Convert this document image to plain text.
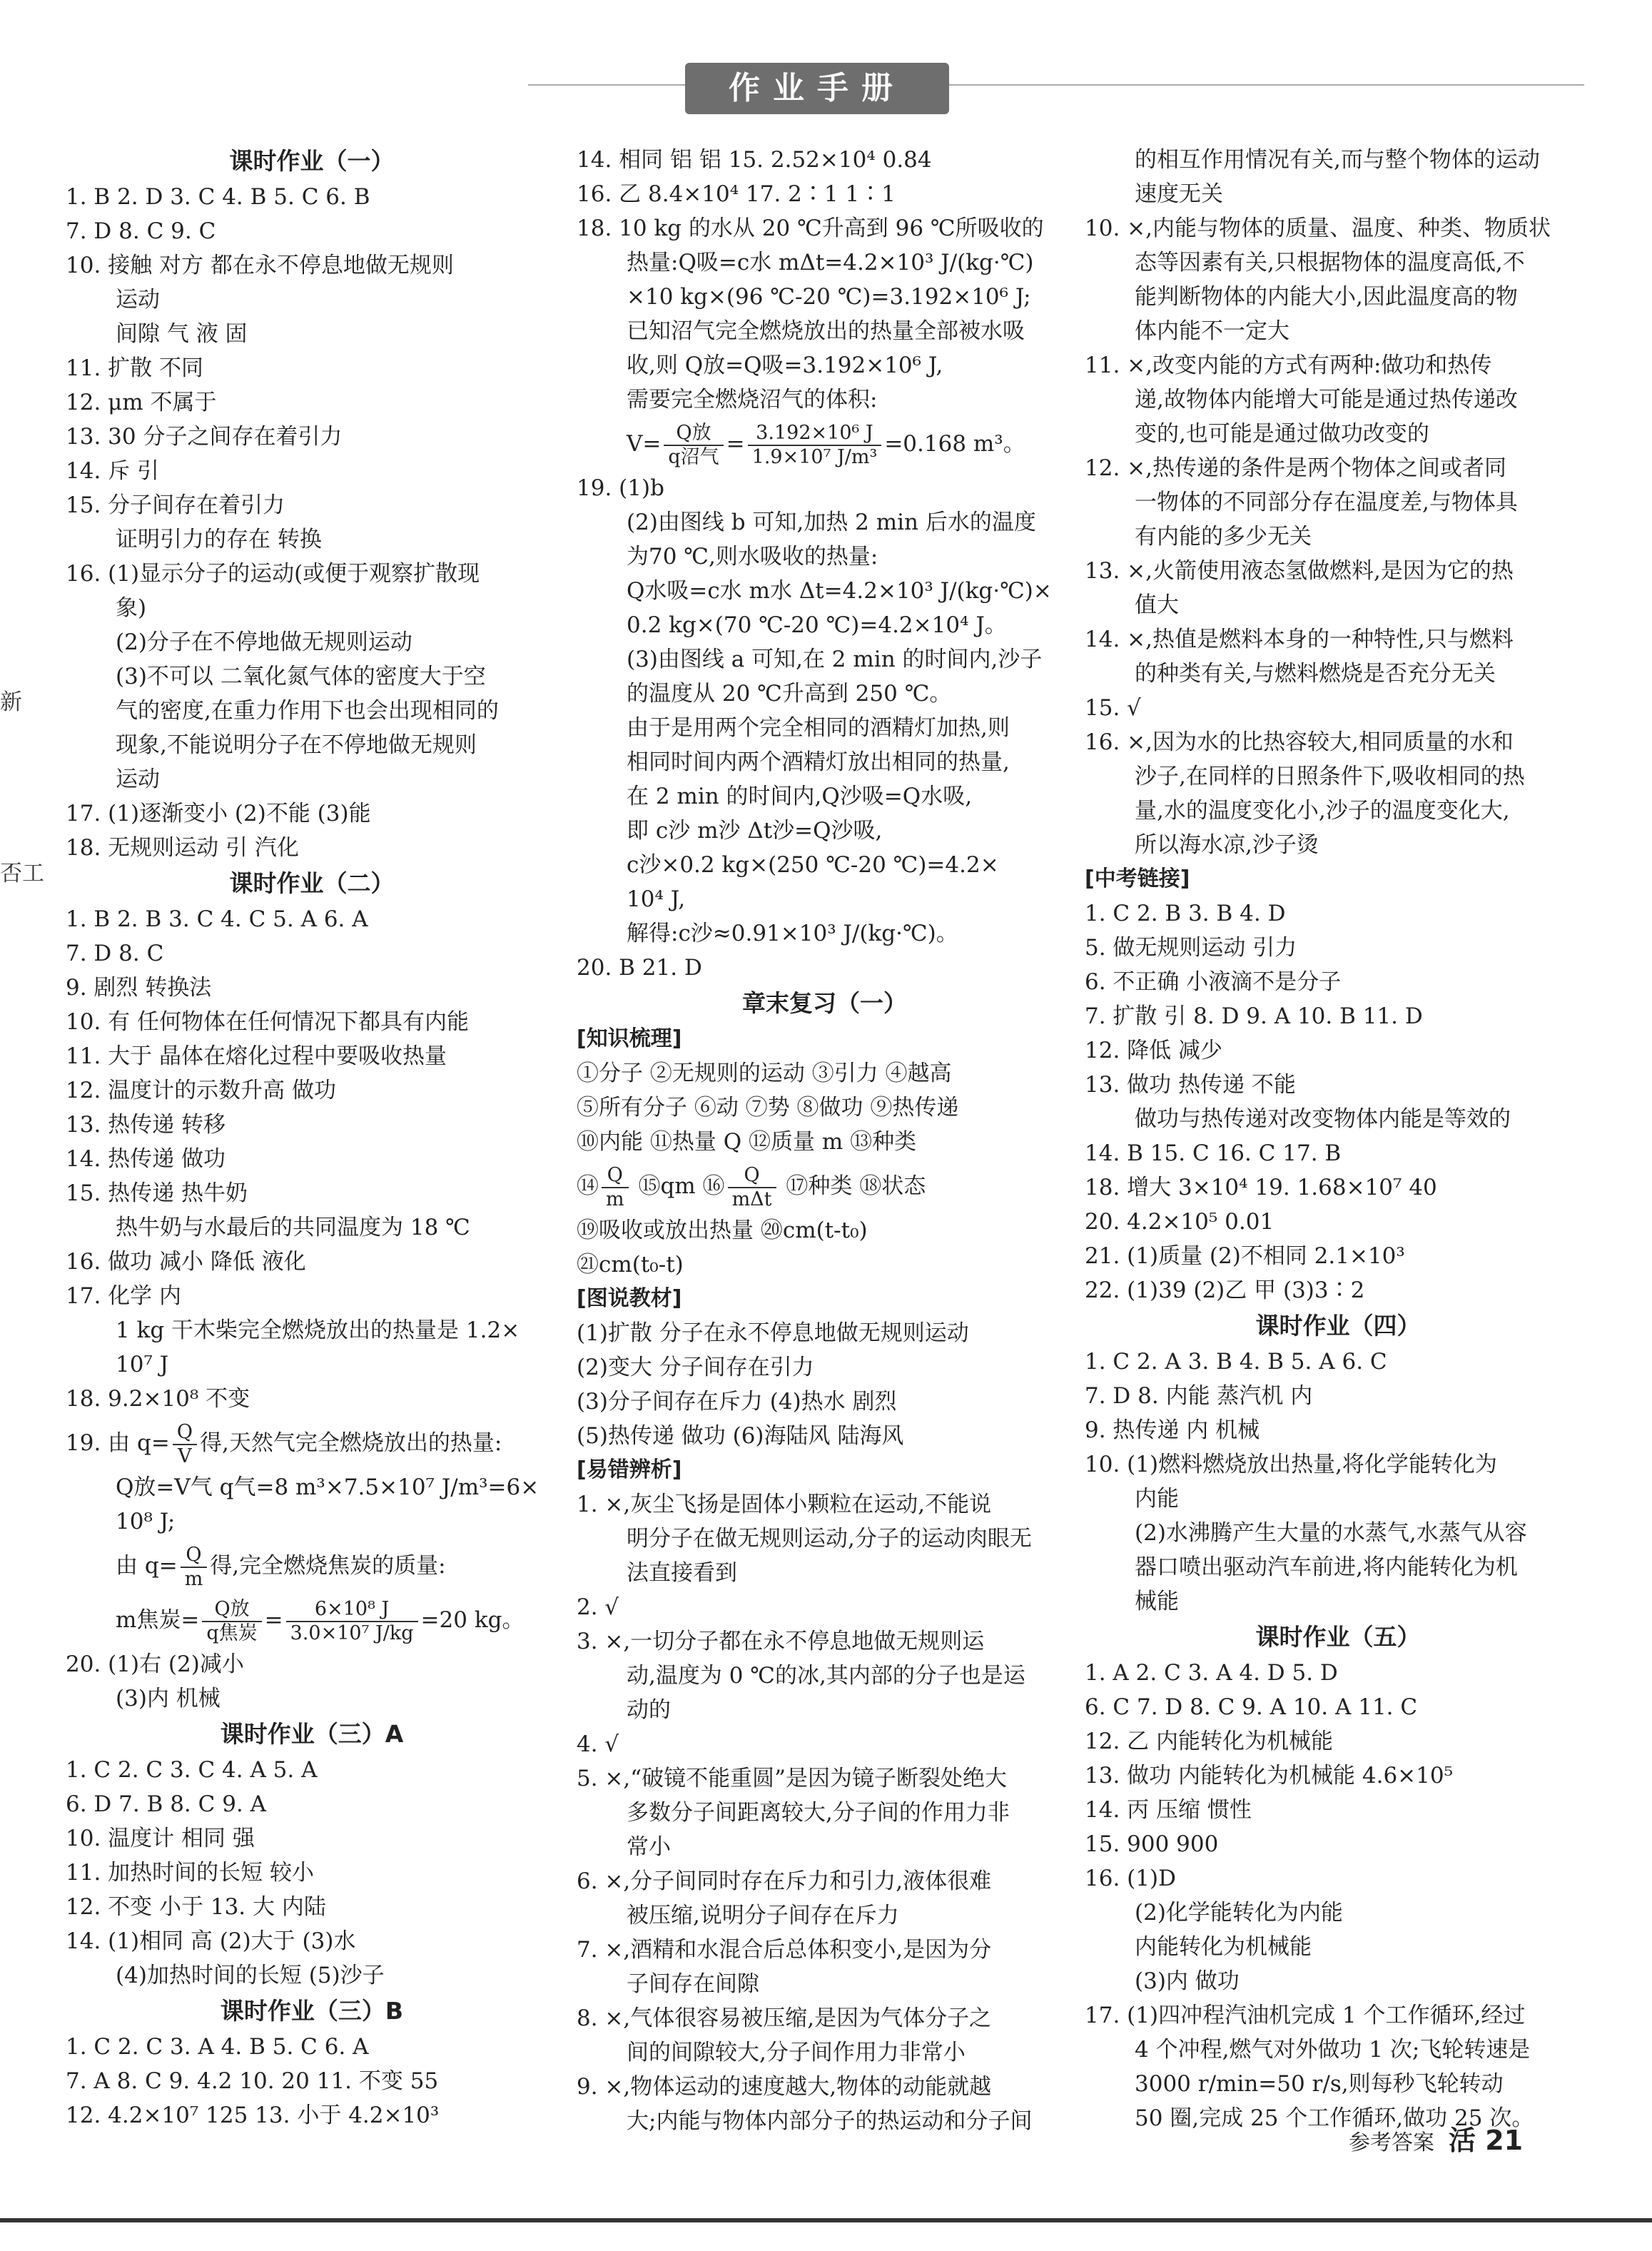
作业手册
新
否工
课时作业（一）
1. B 2. D 3. C 4. B 5. C 6. B
7. D 8. C 9. C
10. 接触 对方 都在永不停息地做无规则
运动
间隙 气 液 固
11. 扩散 不同
12. μm 不属于
13. 30 分子之间存在着引力
14. 斥 引
15. 分子间存在着引力
证明引力的存在 转换
16. (1)显示分子的运动(或便于观察扩散现
象)
(2)分子在不停地做无规则运动
(3)不可以 二氧化氮气体的密度大于空
气的密度,在重力作用下也会出现相同的
现象,不能说明分子在不停地做无规则
运动
17. (1)逐渐变小 (2)不能 (3)能
18. 无规则运动 引 汽化
课时作业（二）
1. B 2. B 3. C 4. C 5. A 6. A
7. D 8. C
9. 剧烈 转换法
10. 有 任何物体在任何情况下都具有内能
11. 大于 晶体在熔化过程中要吸收热量
12. 温度计的示数升高 做功
13. 热传递 转移
14. 热传递 做功
15. 热传递 热牛奶
热牛奶与水最后的共同温度为 18 ℃
16. 做功 减小 降低 液化
17. 化学 内
1 kg 干木柴完全燃烧放出的热量是 1.2×
10⁷ J
18. 9.2×10⁸ 不变
19. 由 $q= \frac{Q}{V}$ 得,天然气完全燃烧放出的热量:
Q放=V气 q气=8 m³×7.5×10⁷ J/m³=6×
10⁸ J;
由 $q= \frac{Q}{m}$ 得,完全燃烧焦炭的质量:
m焦炭= $\frac{\text{Q放}}{\text{q焦炭}} = \frac{\text{6×10⁸ J}}{\text{3.0×10⁷ J/kg}} =20$ kg。
20. (1)右 (2)减小
(3)内 机械
课时作业（三）A
1. C 2. C 3. C 4. A 5. A
6. D 7. B 8. C 9. A
10. 温度计 相同 强
11. 加热时间的长短 较小
12. 不变 小于 13. 大 内陆
14. (1)相同 高 (2)大于 (3)水
(4)加热时间的长短 (5)沙子
课时作业（三）B
1. C 2. C 3. A 4. B 5. C 6. A
7. A 8. C 9. 4.2 10. 20 11. 不变 55
12. 4.2×10⁷ 125 13. 小于 4.2×10³
14. 相同 铝 铝 15. 2.52×10⁴ 0.84
16. 乙 8.4×10⁴ 17. 2∶1 1∶1
18. 10 kg 的水从 20 ℃升高到 96 ℃所吸收的
热量:Q吸=c水 mΔt=4.2×10³ J/(kg·℃)
×10 kg×(96 ℃-20 ℃)=3.192×10⁶ J;
已知沼气完全燃烧放出的热量全部被水吸
收,则 Q放=Q吸=3.192×10⁶ J,
需要完全燃烧沼气的体积:
$V= \frac{\text{Q放}}{\text{q沼气}} = \frac{\text{3.192×10⁶ J}}{\text{1.9×10⁷ J/m³}} =0.168$ m³。
19. (1)b
(2)由图线 b 可知,加热 2 min 后水的温度
为70 ℃,则水吸收的热量:
Q水吸=c水 m水 Δt=4.2×10³ J/(kg·℃)×
0.2 kg×(70 ℃-20 ℃)=4.2×10⁴ J。
(3)由图线 a 可知,在 2 min 的时间内,沙子
的温度从 20 ℃升高到 250 ℃。
由于是用两个完全相同的酒精灯加热,则
相同时间内两个酒精灯放出相同的热量,
在 2 min 的时间内,Q沙吸=Q水吸,
即 c沙 m沙 Δt沙=Q沙吸,
c沙×0.2 kg×(250 ℃-20 ℃)=4.2×
10⁴ J,
解得:c沙≈0.91×10³ J/(kg·℃)。
20. B 21. D
章末复习（一）
[知识梳理]
①分子 ②无规则的运动 ③引力 ④越高
⑤所有分子 ⑥动 ⑦势 ⑧做功 ⑨热传递
⑩内能 ⑪热量 Q ⑫质量 m ⑬种类
⑭ $\frac{Q}{m}$ ⑮qm ⑯ $\frac{Q}{\text{mΔt}}$ ⑰种类 ⑱状态
⑲吸收或放出热量 ⑳cm(t-t₀)
㉑cm(t₀-t)
[图说教材]
(1)扩散 分子在永不停息地做无规则运动
(2)变大 分子间存在引力
(3)分子间存在斥力 (4)热水 剧烈
(5)热传递 做功 (6)海陆风 陆海风
[易错辨析]
1. ×,灰尘飞扬是固体小颗粒在运动,不能说
明分子在做无规则运动,分子的运动肉眼无
法直接看到
2. √
3. ×,一切分子都在永不停息地做无规则运
动,温度为 0 ℃的冰,其内部的分子也是运
动的
4. √
5. ×,“破镜不能重圆”是因为镜子断裂处绝大
多数分子间距离较大,分子间的作用力非
常小
6. ×,分子间同时存在斥力和引力,液体很难
被压缩,说明分子间存在斥力
7. ×,酒精和水混合后总体积变小,是因为分
子间存在间隙
8. ×,气体很容易被压缩,是因为气体分子之
间的间隙较大,分子间作用力非常小
9. ×,物体运动的速度越大,物体的动能就越
大;内能与物体内部分子的热运动和分子间
的相互作用情况有关,而与整个物体的运动
速度无关
10. ×,内能与物体的质量、温度、种类、物质状
态等因素有关,只根据物体的温度高低,不
能判断物体的内能大小,因此温度高的物
体内能不一定大
11. ×,改变内能的方式有两种:做功和热传
递,故物体内能增大可能是通过热传递改
变的,也可能是通过做功改变的
12. ×,热传递的条件是两个物体之间或者同
一物体的不同部分存在温度差,与物体具
有内能的多少无关
13. ×,火箭使用液态氢做燃料,是因为它的热
值大
14. ×,热值是燃料本身的一种特性,只与燃料
的种类有关,与燃料燃烧是否充分无关
15. √
16. ×,因为水的比热容较大,相同质量的水和
沙子,在同样的日照条件下,吸收相同的热
量,水的温度变化小,沙子的温度变化大,
所以海水凉,沙子烫
[中考链接]
1. C 2. B 3. B 4. D
5. 做无规则运动 引力
6. 不正确 小液滴不是分子
7. 扩散 引 8. D 9. A 10. B 11. D
12. 降低 减少
13. 做功 热传递 不能
做功与热传递对改变物体内能是等效的
14. B 15. C 16. C 17. B
18. 增大 3×10⁴ 19. 1.68×10⁷ 40
20. 4.2×10⁵ 0.01
21. (1)质量 (2)不相同 2.1×10³
22. (1)39 (2)乙 甲 (3)3∶2
课时作业（四）
1. C 2. A 3. B 4. B 5. A 6. C
7. D 8. 内能 蒸汽机 内
9. 热传递 内 机械
10. (1)燃料燃烧放出热量,将化学能转化为
内能
(2)水沸腾产生大量的水蒸气,水蒸气从容
器口喷出驱动汽车前进,将内能转化为机
械能
课时作业（五）
1. A 2. C 3. A 4. D 5. D
6. C 7. D 8. C 9. A 10. A 11. C
12. 乙 内能转化为机械能
13. 做功 内能转化为机械能 4.6×10⁵
14. 丙 压缩 惯性
15. 900 900
16. (1)D
(2)化学能转化为内能
内能转化为机械能
(3)内 做功
17. (1)四冲程汽油机完成 1 个工作循环,经过
4 个冲程,燃气对外做功 1 次;飞轮转速是
3000 r/min=50 r/s,则每秒飞轮转动
50 圈,完成 25 个工作循环,做功 25 次。
参考答案 活 21
